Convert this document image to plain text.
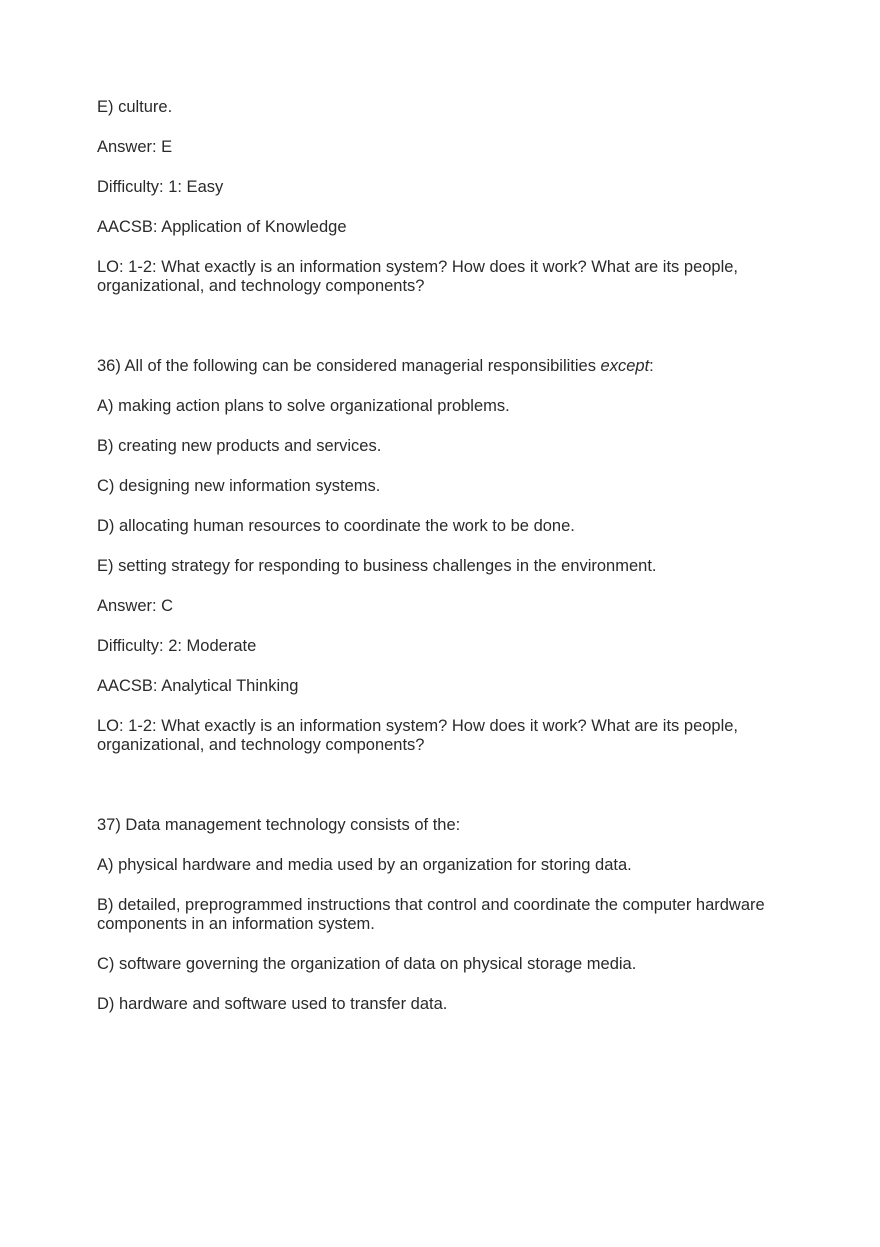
E) culture.

Answer: E

Difficulty: 1: Easy

AACSB: Application of Knowledge

LO: 1-2: What exactly is an information system? How does it work? What are its people, organizational, and technology components?

36) All of the following can be considered managerial responsibilities except:

A) making action plans to solve organizational problems.

B) creating new products and services.

C) designing new information systems.

D) allocating human resources to coordinate the work to be done.

E) setting strategy for responding to business challenges in the environment.

Answer: C

Difficulty: 2: Moderate

AACSB: Analytical Thinking

LO: 1-2: What exactly is an information system? How does it work? What are its people, organizational, and technology components?

37) Data management technology consists of the:

A) physical hardware and media used by an organization for storing data.

B) detailed, preprogrammed instructions that control and coordinate the computer hardware components in an information system.

C) software governing the organization of data on physical storage media.

D) hardware and software used to transfer data.
